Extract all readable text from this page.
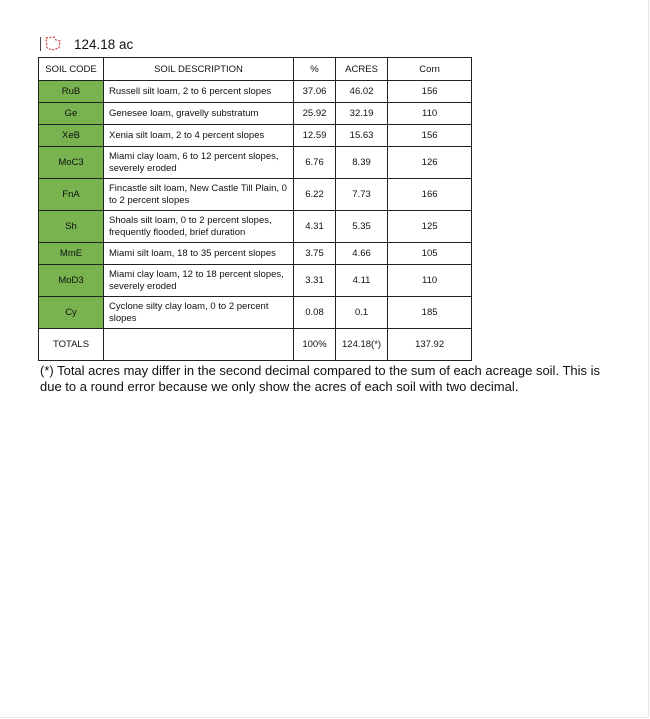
124.18 ac
SOIL CODE	SOIL DESCRIPTION	%	ACRES	Corn
RuB	Russell silt loam, 2 to 6 percent slopes	37.06	46.02	156
Ge	Genesee loam, gravelly substratum	25.92	32.19	110
XeB	Xenia silt loam, 2 to 4 percent slopes	12.59	15.63	156
MoC3	Miami clay loam, 6 to 12 percent slopes, severely eroded	6.76	8.39	126
FnA	Fincastle silt loam, New Castle Till Plain, 0 to 2 percent slopes	6.22	7.73	166
Sh	Shoals silt loam, 0 to 2 percent slopes, frequently flooded, brief duration	4.31	5.35	125
MmE	Miami silt loam, 18 to 35 percent slopes	3.75	4.66	105
MoD3	Miami clay loam, 12 to 18 percent slopes, severely eroded	3.31	4.11	110
Cy	Cyclone silty clay loam, 0 to 2 percent slopes	0.08	0.1	185
TOTALS		100%	124.18(*)	137.92
(*) Total acres may differ in the second decimal compared to the sum of each acreage soil. This is due to a round error because we only show the acres of each soil with two decimal.
